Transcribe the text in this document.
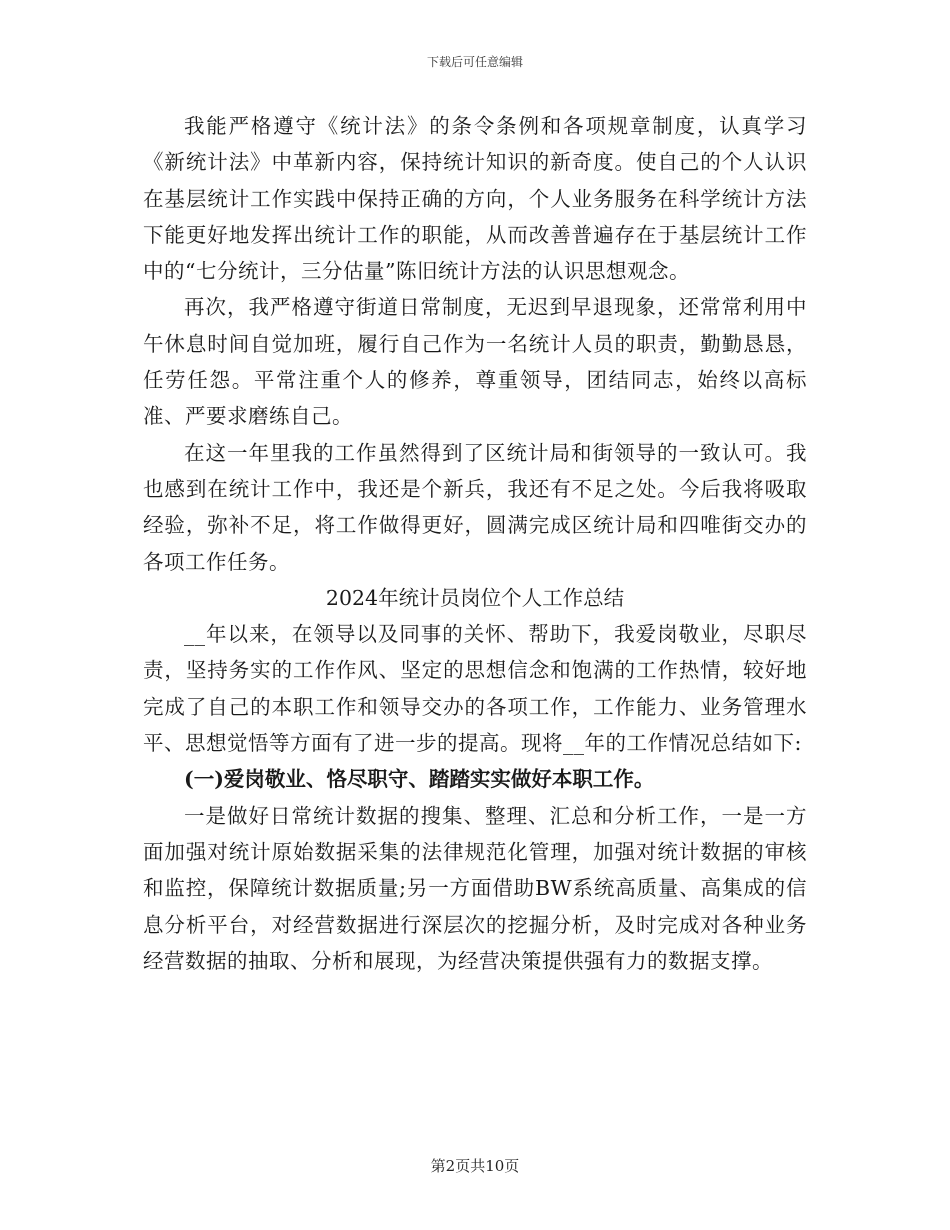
下载后可任意编辑

我能严格遵守《统计法》的条令条例和各项规章制度，认真学习《新统计法》中革新内容，保持统计知识的新奇度。使自己的个人认识在基层统计工作实践中保持正确的方向，个人业务服务在科学统计方法下能更好地发挥出统计工作的职能，从而改善普遍存在于基层统计工作中的“七分统计，三分估量”陈旧统计方法的认识思想观念。

再次，我严格遵守街道日常制度，无迟到早退现象，还常常利用中午休息时间自觉加班，履行自己作为一名统计人员的职责，勤勤恳恳，任劳任怨。平常注重个人的修养，尊重领导，团结同志，始终以高标准、严要求磨练自己。

在这一年里我的工作虽然得到了区统计局和街领导的一致认可。我也感到在统计工作中，我还是个新兵，我还有不足之处。今后我将吸取经验，弥补不足，将工作做得更好，圆满完成区统计局和四唯街交办的各项工作任务。

2024年统计员岗位个人工作总结

__年以来，在领导以及同事的关怀、帮助下，我爱岗敬业，尽职尽责，坚持务实的工作作风、坚定的思想信念和饱满的工作热情，较好地完成了自己的本职工作和领导交办的各项工作，工作能力、业务管理水平、思想觉悟等方面有了进一步的提高。现将__年的工作情况总结如下:

(一)爱岗敬业、恪尽职守、踏踏实实做好本职工作。

一是做好日常统计数据的搜集、整理、汇总和分析工作，一是一方面加强对统计原始数据采集的法律规范化管理，加强对统计数据的审核和监控，保障统计数据质量;另一方面借助BW系统高质量、高集成的信息分析平台，对经营数据进行深层次的挖掘分析，及时完成对各种业务经营数据的抽取、分析和展现，为经营决策提供强有力的数据支撑。

第2页共10页
